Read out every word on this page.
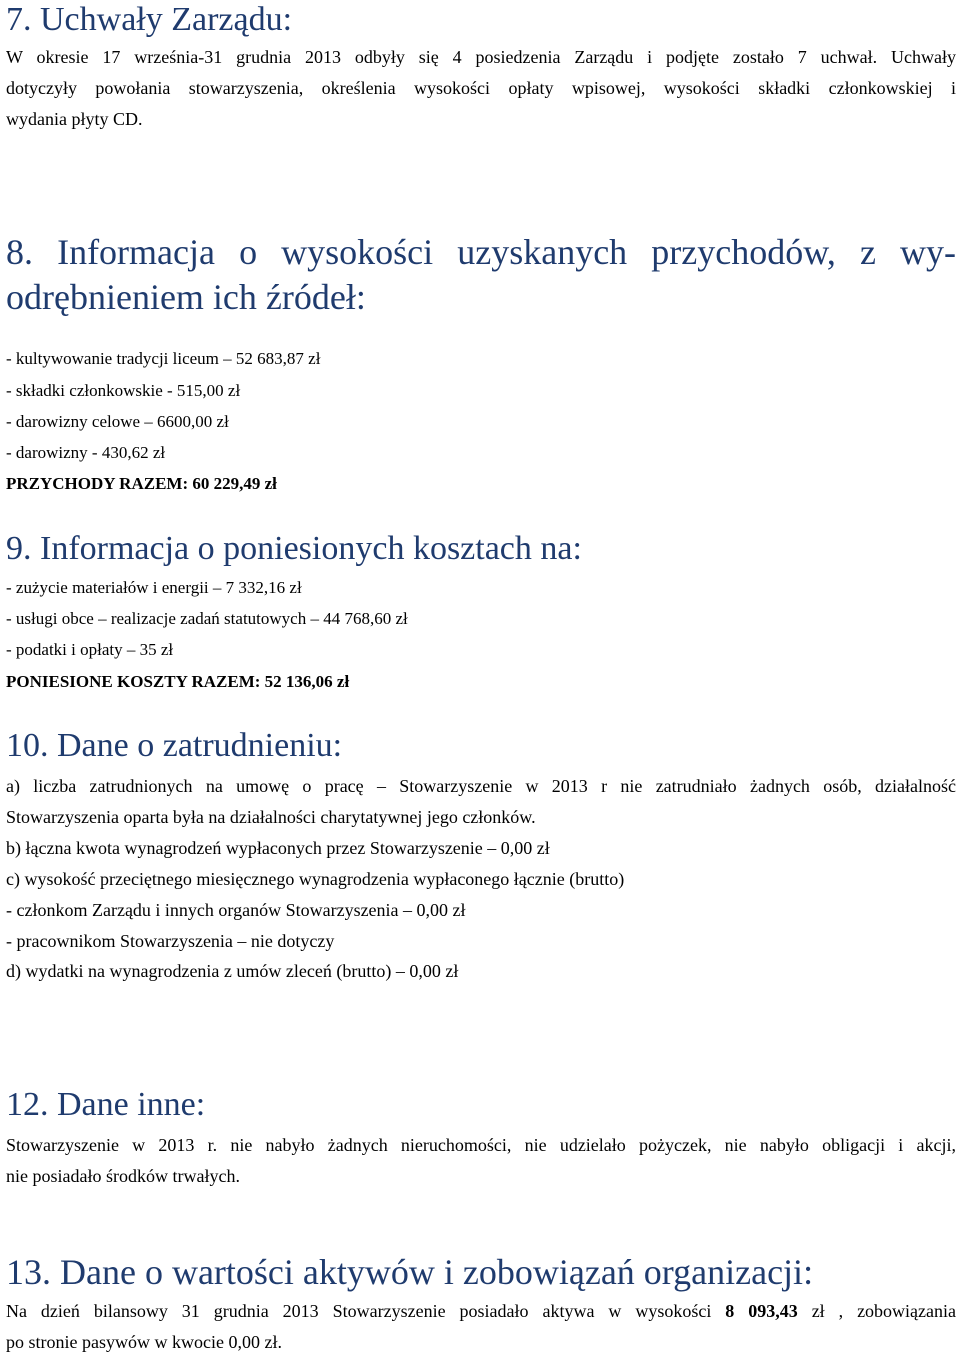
7. Uchwały Zarządu:

W okresie 17 września-31 grudnia 2013 odbyły się 4 posiedzenia Zarządu i podjęte zostało 7 uchwał. Uchwały

dotyczyły powołania stowarzyszenia, określenia wysokości opłaty wpisowej, wysokości składki członkowskiej i

wydania płyty CD.

8. Informacja o wysokości uzyskanych przychodów, z wy-
odrębnieniem ich źródeł:

- kultywowanie tradycji liceum – 52 683,87 zł

- składki członkowskie - 515,00 zł

- darowizny celowe – 6600,00 zł

- darowizny - 430,62 zł

PRZYCHODY RAZEM: 60 229,49 zł

9. Informacja o poniesionych kosztach na:

- zużycie materiałów i energii – 7 332,16 zł

- usługi obce – realizacje zadań statutowych – 44 768,60 zł

- podatki i opłaty – 35 zł

PONIESIONE KOSZTY RAZEM: 52 136,06 zł

10. Dane o zatrudnieniu:

a) liczba zatrudnionych na umowę o pracę – Stowarzyszenie w 2013 r nie zatrudniało żadnych osób, działalność

Stowarzyszenia oparta była na działalności charytatywnej jego członków.

b) łączna kwota wynagrodzeń wypłaconych przez Stowarzyszenie – 0,00 zł

c) wysokość przeciętnego miesięcznego wynagrodzenia wypłaconego łącznie (brutto)

- członkom Zarządu i innych organów Stowarzyszenia – 0,00 zł

- pracownikom Stowarzyszenia – nie dotyczy

d) wydatki na wynagrodzenia z umów zleceń (brutto) – 0,00 zł

12. Dane inne:

Stowarzyszenie w 2013 r. nie nabyło żadnych nieruchomości, nie udzielało pożyczek, nie nabyło obligacji i akcji,

nie posiadało środków trwałych.

13. Dane o wartości aktywów i zobowiązań organizacji:

Na dzień bilansowy 31 grudnia 2013 Stowarzyszenie posiadało aktywa w wysokości 8 093,43 zł , zobowiązania

po stronie pasywów w kwocie 0,00 zł.
